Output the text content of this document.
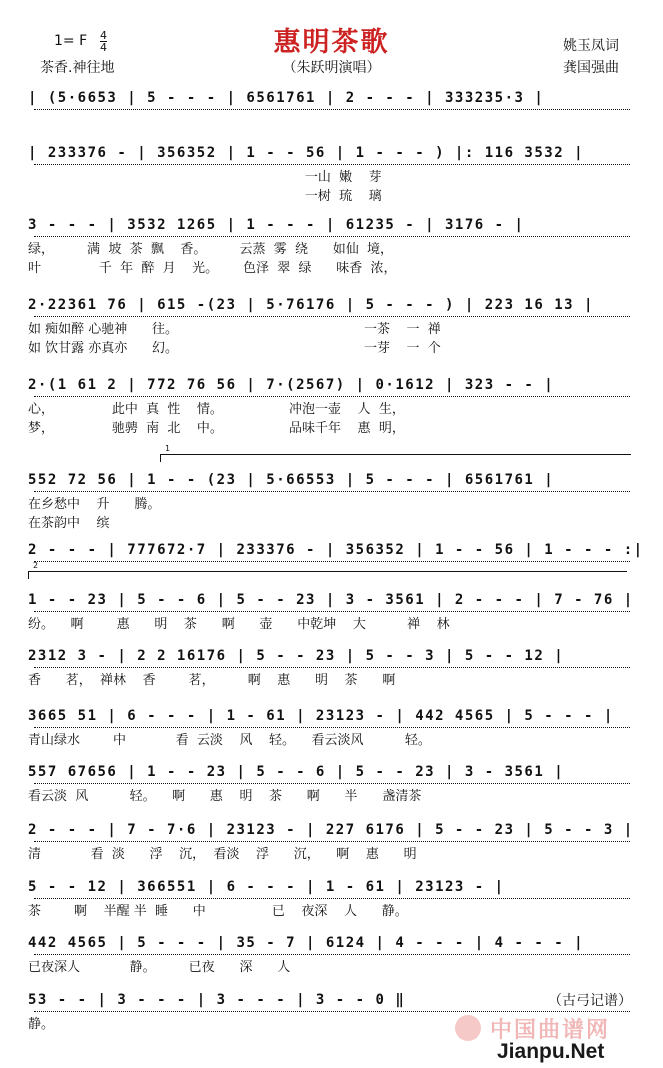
惠明茶歌
1= F 4
4
茶香.神往地	（朱跃明演唱）
姚玉凤词
龚国强曲
| (5·6653 | 5 - - - | 6561761 | 2 - - - | 333235·3 |
| 233376 - | 356352 | 1 - - 56 | 1 - - - ) |: 116 3532 |
一山  嫩    芽
一树  琉    璃
3 - - - | 3532 1265 | 1 - - - | 61235 - | 3176 - |
绿，        满  坡  茶  飘    香。        云蒸  雾  绕      如仙  境，
叶              千  年  醉  月    光。      色泽  翠  绿      味香  浓，
2·22361 76 | 615 -(23 | 5·76176 | 5 - - - ) | 223 16 13 |
如 痴如醉 心驰神      往。                                             一茶    一  禅
如 饮甘露 亦真亦      幻。                                             一芽    一  个
2·(1 61 2 | 772 76 56 | 7·(2567) | 0·1612 | 323 - - |
心，              此中  真  性    情。                冲泡一壶    人  生，
梦，              驰骋  南  北    中。                品味千年    惠  明，
552 72 56 | 1 - - (23 | 5·66553 | 5 - - - | 6561761 |
在乡愁中    升      腾。
在茶韵中    缤
2 - - - | 777672·7 | 233376 - | 356352 | 1 - - 56 | 1 - - - :|
1 - - 23 | 5 - - 6 | 5 - - 23 | 3 - 3561 | 2 - - - | 7 - 76 |
纷。    啊        惠      明    茶      啊      壶      中乾坤    大          禅    林
2312 3 - | 2 2 16176 | 5 - - 23 | 5 - - 3 | 5 - - 12 |
香      茗，  禅林    香        茗，        啊    惠      明    茶      啊
3665 51 | 6 - - - | 1 - 61 | 23123 - | 442 4565 | 5 - - - |
青山绿水        中            看  云淡    风    轻。    看云淡风          轻。
557 67656 | 1 - - 23 | 5 - - 6 | 5 - - 23 | 3 - 3561 |
看云淡  风          轻。    啊      惠    明    茶      啊      半      盏清茶
2 - - - | 7 - 7·6 | 23123 - | 227 6176 | 5 - - 23 | 5 - - 3 |
清            看  淡      浮    沉，  看淡    浮      沉，    啊    惠      明
5 - - 12 | 366551 | 6 - - - | 1 - 61 | 23123 - |
茶        啊    半醒 半  睡      中                已    夜深    人      静。
442 4565 | 5 - - - | 35 - 7 | 6124 | 4 - - - | 4 - - - |
已夜深人            静。        已夜      深      人
53 - - | 3 - - - | 3 - - - | 3 - - 0 ‖
静。
1
2
（古弓记谱）
中国曲谱网
Jianpu.Net
